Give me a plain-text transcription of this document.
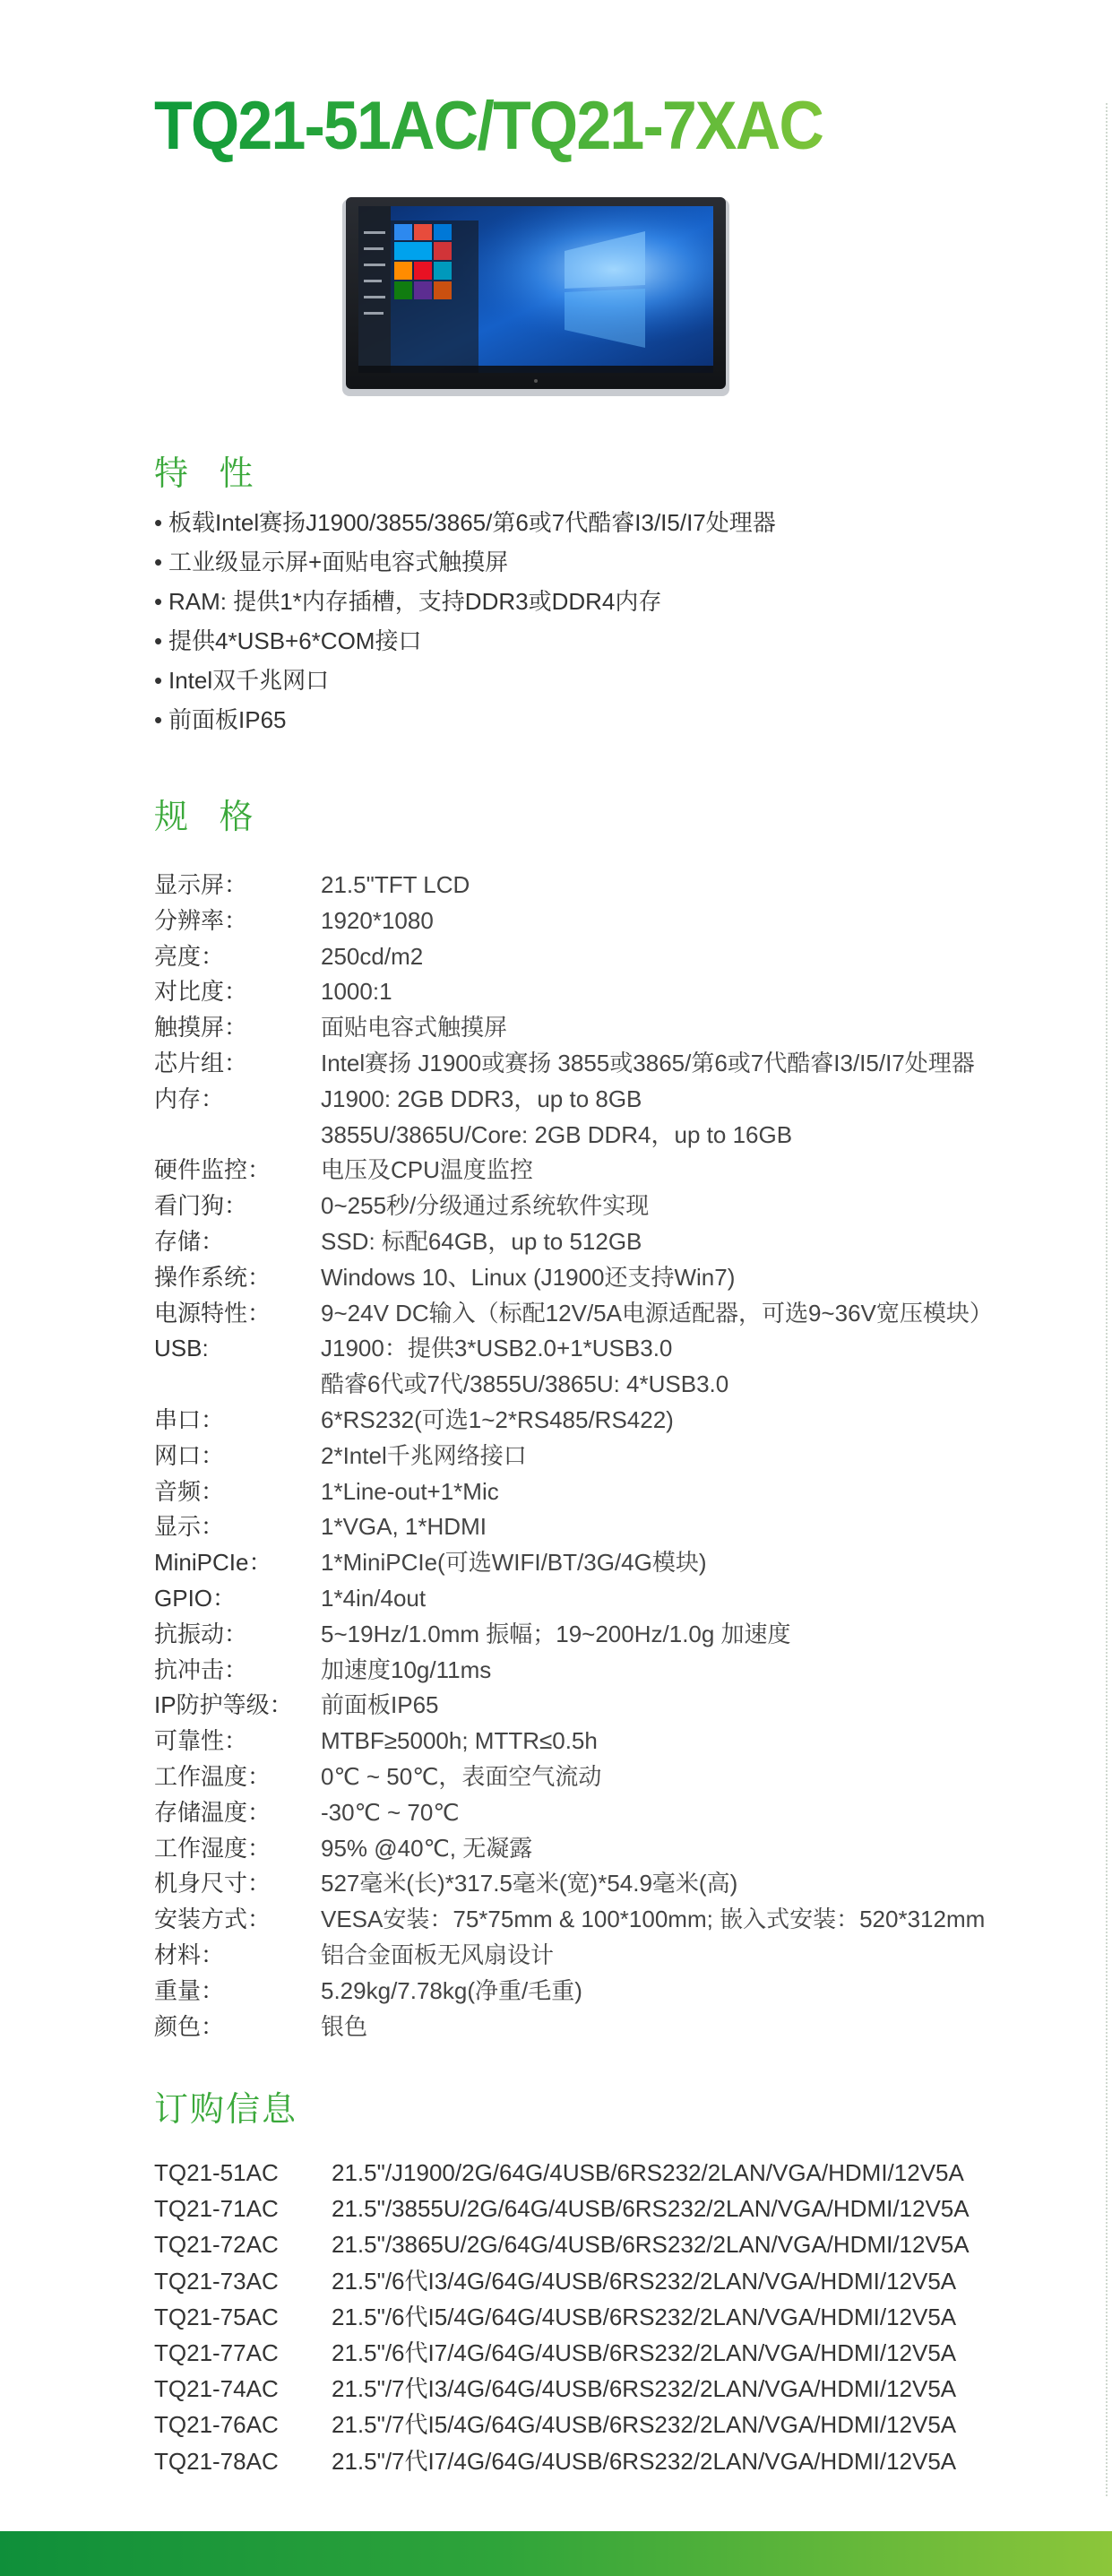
TQ21-51AC/TQ21-7XAC
特 性
• 板载Intel赛扬J1900/3855/3865/第6或7代酷睿I3/I5/I7处理器
• 工业级显示屏+面贴电容式触摸屏
• RAM: 提供1*内存插槽，支持DDR3或DDR4内存
• 提供4*USB+6*COM接口
• Intel双千兆网口
• 前面板IP65
规 格
显示屏：	21.5"TFT LCD
分辨率：	1920*1080
亮度：	250cd/m2
对比度：	1000:1
触摸屏：	面贴电容式触摸屏
芯片组：	Intel赛扬 J1900或赛扬 3855或3865/第6或7代酷睿I3/I5/I7处理器
内存：	J1900: 2GB DDR3，up to 8GB
	3855U/3865U/Core: 2GB DDR4，up to 16GB
硬件监控：	电压及CPU温度监控
看门狗：	0~255秒/分级通过系统软件实现
存储：	SSD: 标配64GB，up to 512GB
操作系统：	Windows 10、Linux (J1900还支持Win7)
电源特性：	9~24V DC输入（标配12V/5A电源适配器，可选9~36V宽压模块）
USB:	J1900：提供3*USB2.0+1*USB3.0
	酷睿6代或7代/3855U/3865U: 4*USB3.0
串口：	6*RS232(可选1~2*RS485/RS422)
网口：	2*Intel千兆网络接口
音频：	1*Line-out+1*Mic
显示：	1*VGA, 1*HDMI
MiniPCIe：	1*MiniPCIe(可选WIFI/BT/3G/4G模块)
GPIO：	1*4in/4out
抗振动：	5~19Hz/1.0mm 振幅；19~200Hz/1.0g 加速度
抗冲击：	加速度10g/11ms
IP防护等级：	前面板IP65
可靠性：	MTBF≥5000h; MTTR≤0.5h
工作温度：	0℃ ~ 50℃，表面空气流动
存储温度：	-30℃ ~ 70℃
工作湿度：	95% @40℃, 无凝露
机身尺寸：	527毫米(长)*317.5毫米(宽)*54.9毫米(高)
安装方式：	VESA安装：75*75mm & 100*100mm; 嵌入式安装：520*312mm
材料：	铝合金面板无风扇设计
重量：	5.29kg/7.78kg(净重/毛重)
颜色：	银色
订购信息
TQ21-51AC	21.5"/J1900/2G/64G/4USB/6RS232/2LAN/VGA/HDMI/12V5A
TQ21-71AC	21.5"/3855U/2G/64G/4USB/6RS232/2LAN/VGA/HDMI/12V5A
TQ21-72AC	21.5"/3865U/2G/64G/4USB/6RS232/2LAN/VGA/HDMI/12V5A
TQ21-73AC	21.5"/6代I3/4G/64G/4USB/6RS232/2LAN/VGA/HDMI/12V5A
TQ21-75AC	21.5"/6代I5/4G/64G/4USB/6RS232/2LAN/VGA/HDMI/12V5A
TQ21-77AC	21.5"/6代I7/4G/64G/4USB/6RS232/2LAN/VGA/HDMI/12V5A
TQ21-74AC	21.5"/7代I3/4G/64G/4USB/6RS232/2LAN/VGA/HDMI/12V5A
TQ21-76AC	21.5"/7代I5/4G/64G/4USB/6RS232/2LAN/VGA/HDMI/12V5A
TQ21-78AC	21.5"/7代I7/4G/64G/4USB/6RS232/2LAN/VGA/HDMI/12V5A
